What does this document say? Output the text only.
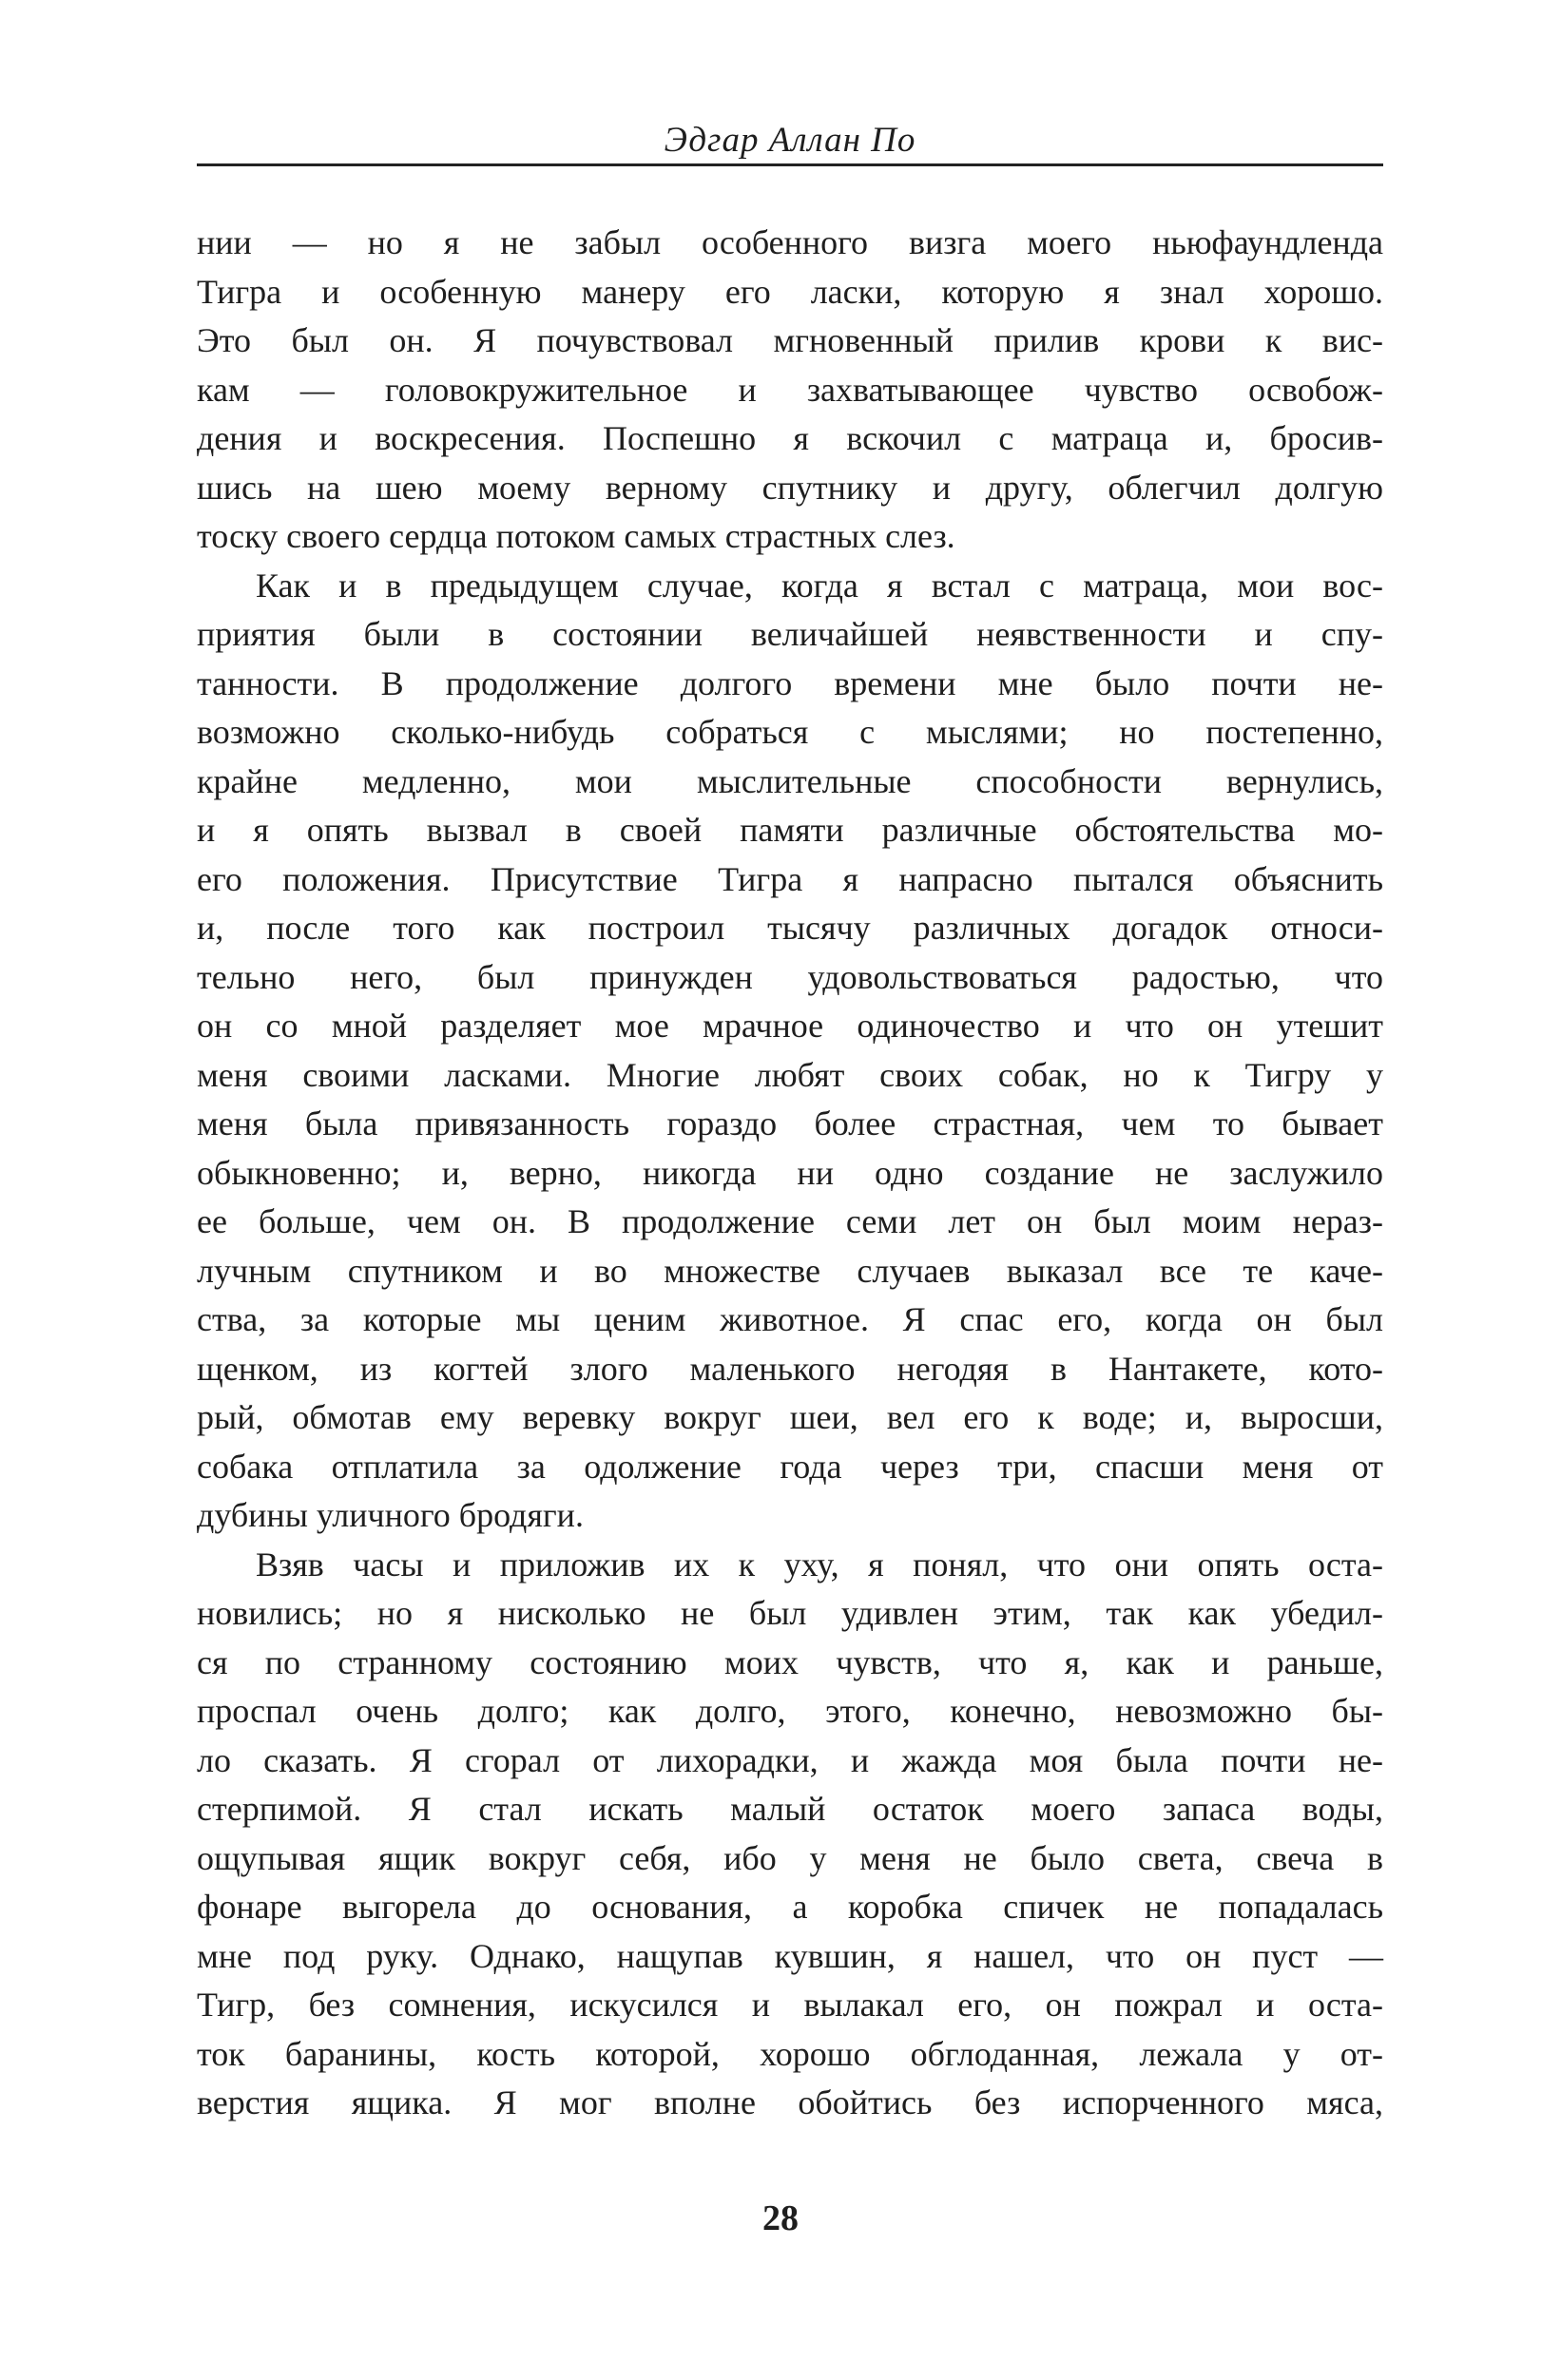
Эдгар Аллан По
нии — но я не забыл особенного визга моего ньюфаундленда
Тигра и особенную манеру его ласки, которую я знал хорошо.
Это был он. Я почувствовал мгновенный прилив крови к вис-
кам — головокружительное и захватывающее чувство освобож-
дения и воскресения. Поспешно я вскочил с матраца и, бросив-
шись на шею моему верному спутнику и другу, облегчил долгую
тоску своего сердца потоком самых страстных слез.
Как и в предыдущем случае, когда я встал с матраца, мои вос-
приятия были в состоянии величайшей неявственности и спу-
танности. В продолжение долгого времени мне было почти не-
возможно сколько-нибудь собраться с мыслями; но постепенно,
крайне медленно, мои мыслительные способности вернулись,
и я опять вызвал в своей памяти различные обстоятельства мо-
его положения. Присутствие Тигра я напрасно пытался объяснить
и, после того как построил тысячу различных догадок относи-
тельно него, был принужден удовольствоваться радостью, что
он со мной разделяет мое мрачное одиночество и что он утешит
меня своими ласками. Многие любят своих собак, но к Тигру у
меня была привязанность гораздо более страстная, чем то бывает
обыкновенно; и, верно, никогда ни одно создание не заслужило
ее больше, чем он. В продолжение семи лет он был моим нераз-
лучным спутником и во множестве случаев выказал все те каче-
ства, за которые мы ценим животное. Я спас его, когда он был
щенком, из когтей злого маленького негодяя в Нантакете, кото-
рый, обмотав ему веревку вокруг шеи, вел его к воде; и, выросши,
собака отплатила за одолжение года через три, спасши меня от
дубины уличного бродяги.
Взяв часы и приложив их к уху, я понял, что они опять оста-
новились; но я нисколько не был удивлен этим, так как убедил-
ся по странному состоянию моих чувств, что я, как и раньше,
проспал очень долго; как долго, этого, конечно, невозможно бы-
ло сказать. Я сгорал от лихорадки, и жажда моя была почти не-
стерпимой. Я стал искать малый остаток моего запаса воды,
ощупывая ящик вокруг себя, ибо у меня не было света, свеча в
фонаре выгорела до основания, а коробка спичек не попадалась
мне под руку. Однако, нащупав кувшин, я нашел, что он пуст —
Тигр, без сомнения, искусился и вылакал его, он пожрал и оста-
ток баранины, кость которой, хорошо обглоданная, лежала у от-
верстия ящика. Я мог вполне обойтись без испорченного мяса,
28
